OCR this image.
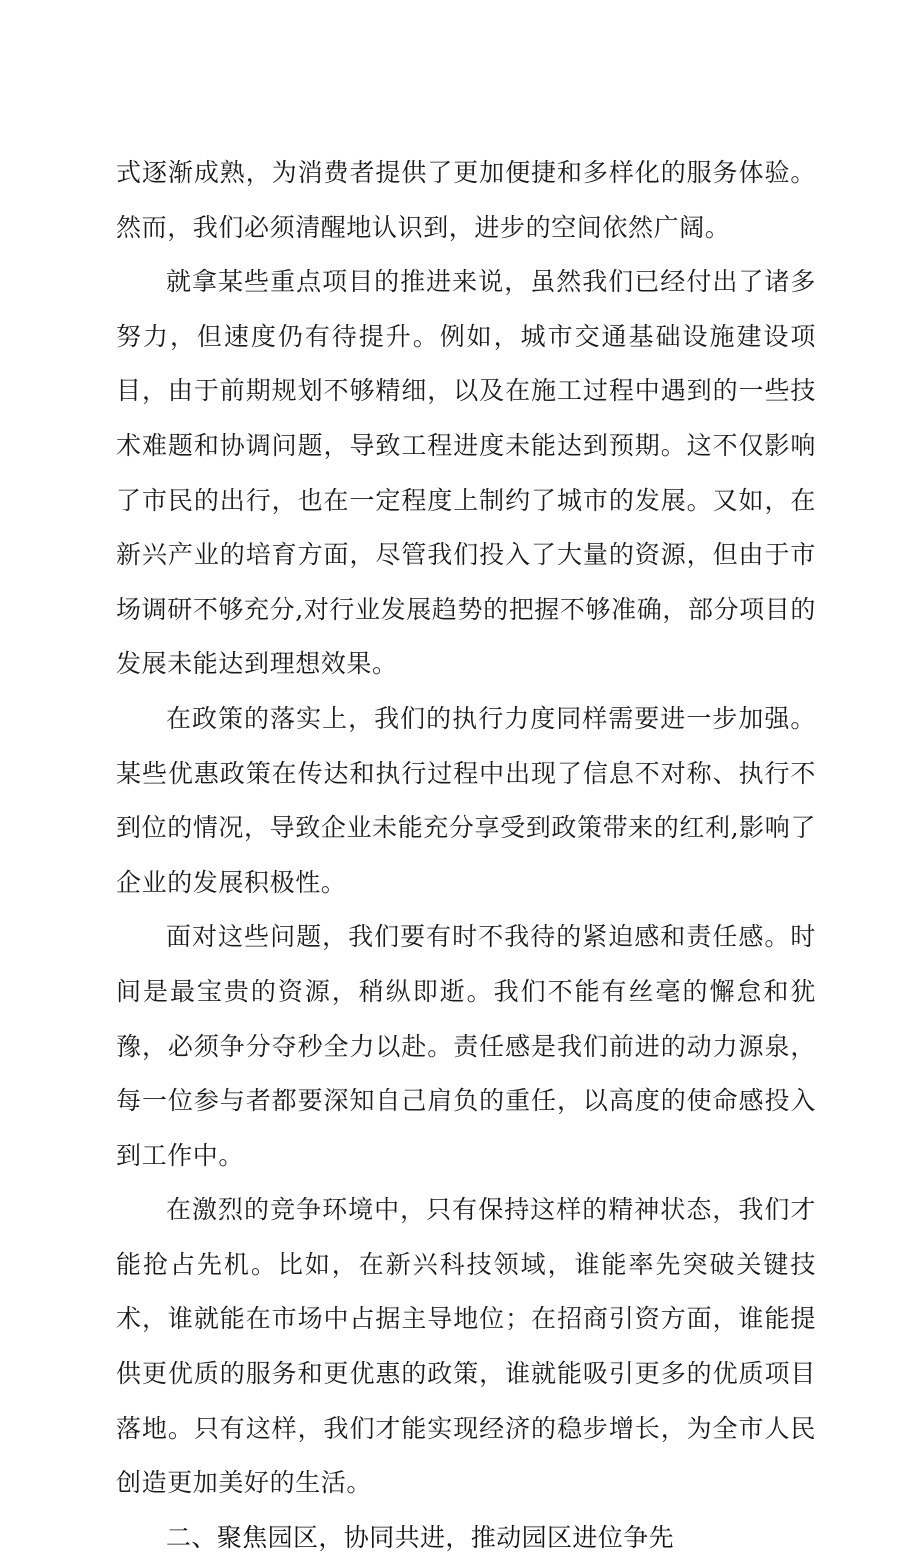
式逐渐成熟，为消费者提供了更加便捷和多样化的服务体验。然而，我们必须清醒地认识到，进步的空间依然广阔。

就拿某些重点项目的推进来说，虽然我们已经付出了诸多努力，但速度仍有待提升。例如，城市交通基础设施建设项目，由于前期规划不够精细，以及在施工过程中遇到的一些技术难题和协调问题，导致工程进度未能达到预期。这不仅影响了市民的出行，也在一定程度上制约了城市的发展。又如，在新兴产业的培育方面，尽管我们投入了大量的资源，但由于市场调研不够充分,对行业发展趋势的把握不够准确，部分项目的发展未能达到理想效果。

在政策的落实上，我们的执行力度同样需要进一步加强。某些优惠政策在传达和执行过程中出现了信息不对称、执行不到位的情况，导致企业未能充分享受到政策带来的红利,影响了企业的发展积极性。

面对这些问题，我们要有时不我待的紧迫感和责任感。时间是最宝贵的资源，稍纵即逝。我们不能有丝毫的懈怠和犹豫，必须争分夺秒全力以赴。责任感是我们前进的动力源泉，每一位参与者都要深知自己肩负的重任，以高度的使命感投入到工作中。

在激烈的竞争环境中，只有保持这样的精神状态，我们才能抢占先机。比如，在新兴科技领域，谁能率先突破关键技术，谁就能在市场中占据主导地位；在招商引资方面，谁能提供更优质的服务和更优惠的政策，谁就能吸引更多的优质项目落地。只有这样，我们才能实现经济的稳步增长，为全市人民创造更加美好的生活。

二、聚焦园区，协同共进，推动园区进位争先
